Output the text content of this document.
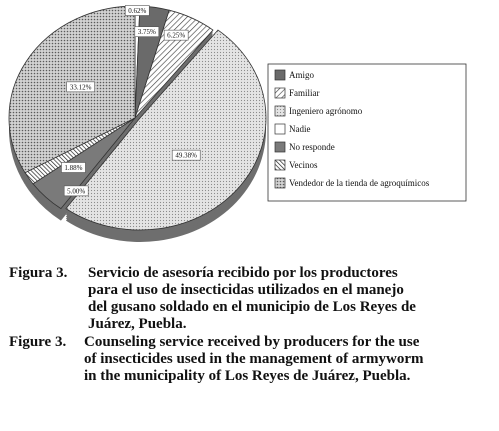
0.62%
3.75% 6.25%
49.38%
5.00%
1.88%
33.12%
Amigo
Familiar
Ingeniero agrónomo
Nadie
No responde
Vecinos
Vendedor de la tienda de agroquímicos
Figura 3. Servicio de asesoría recibido por los productores
para el uso de insecticidas utilizados en el manejo
del gusano soldado en el municipio de Los Reyes de
Juárez, Puebla.
Figure 3. Counseling service received by producers for the use
of insecticides used in the management of armyworm
in the municipality of Los Reyes de Juárez, Puebla.
